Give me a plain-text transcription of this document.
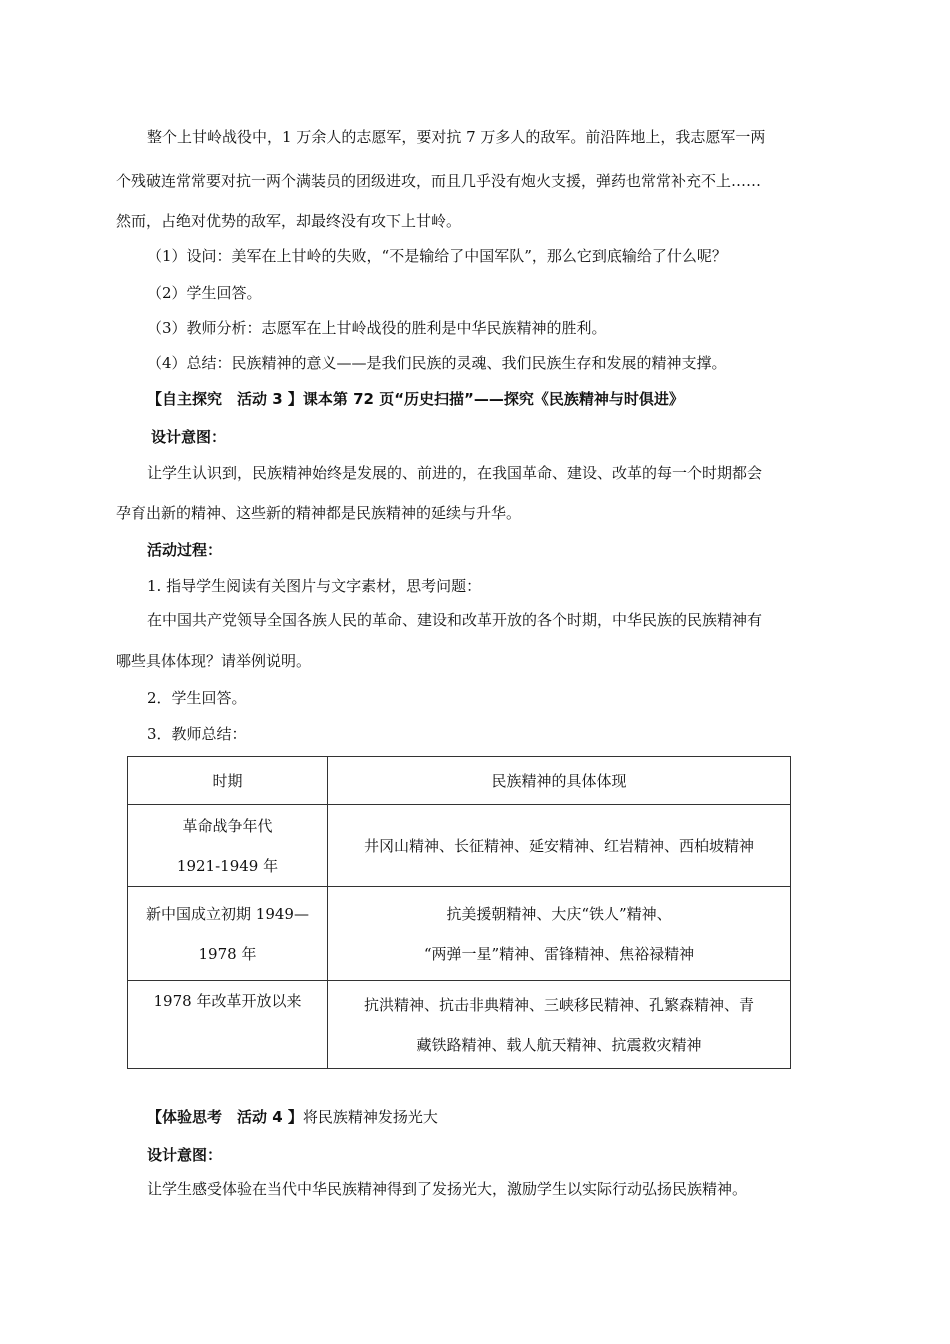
整个上甘岭战役中，1 万余人的志愿军，要对抗 7 万多人的敌军。前沿阵地上，我志愿军一两
个残破连常常要对抗一两个满装员的团级进攻，而且几乎没有炮火支援，弹药也常常补充不上……
然而，占绝对优势的敌军，却最终没有攻下上甘岭。
（1）设问：美军在上甘岭的失败，“不是输给了中国军队”，那么它到底输给了什么呢？
（2）学生回答。
（3）教师分析：志愿军在上甘岭战役的胜利是中华民族精神的胜利。
（4）总结：民族精神的意义——是我们民族的灵魂、我们民族生存和发展的精神支撑。
【自主探究　活动 3 】课本第 72 页“历史扫描”——探究《民族精神与时俱进》
设计意图：
让学生认识到，民族精神始终是发展的、前进的，在我国革命、建设、改革的每一个时期都会
孕育出新的精神、这些新的精神都是民族精神的延续与升华。
活动过程：
1. 指导学生阅读有关图片与文字素材，思考问题：
在中国共产党领导全国各族人民的革命、建设和改革开放的各个时期，中华民族的民族精神有
哪些具体体现？请举例说明。
2．学生回答。
3．教师总结：
时期	民族精神的具体体现

革命战争年代
1921-1949 年	井冈山精神、长征精神、延安精神、红岩精神、西柏坡精神

新中国成立初期 1949—
1978 年	抗美援朝精神、大庆“铁人”精神、
“两弹一星”精神、雷锋精神、焦裕禄精神

1978 年改革开放以来	抗洪精神、抗击非典精神、三峡移民精神、孔繁森精神、青
藏铁路精神、载人航天精神、抗震救灾精神
【体验思考　活动 4 】将民族精神发扬光大
设计意图：
让学生感受体验在当代中华民族精神得到了发扬光大，激励学生以实际行动弘扬民族精神。
